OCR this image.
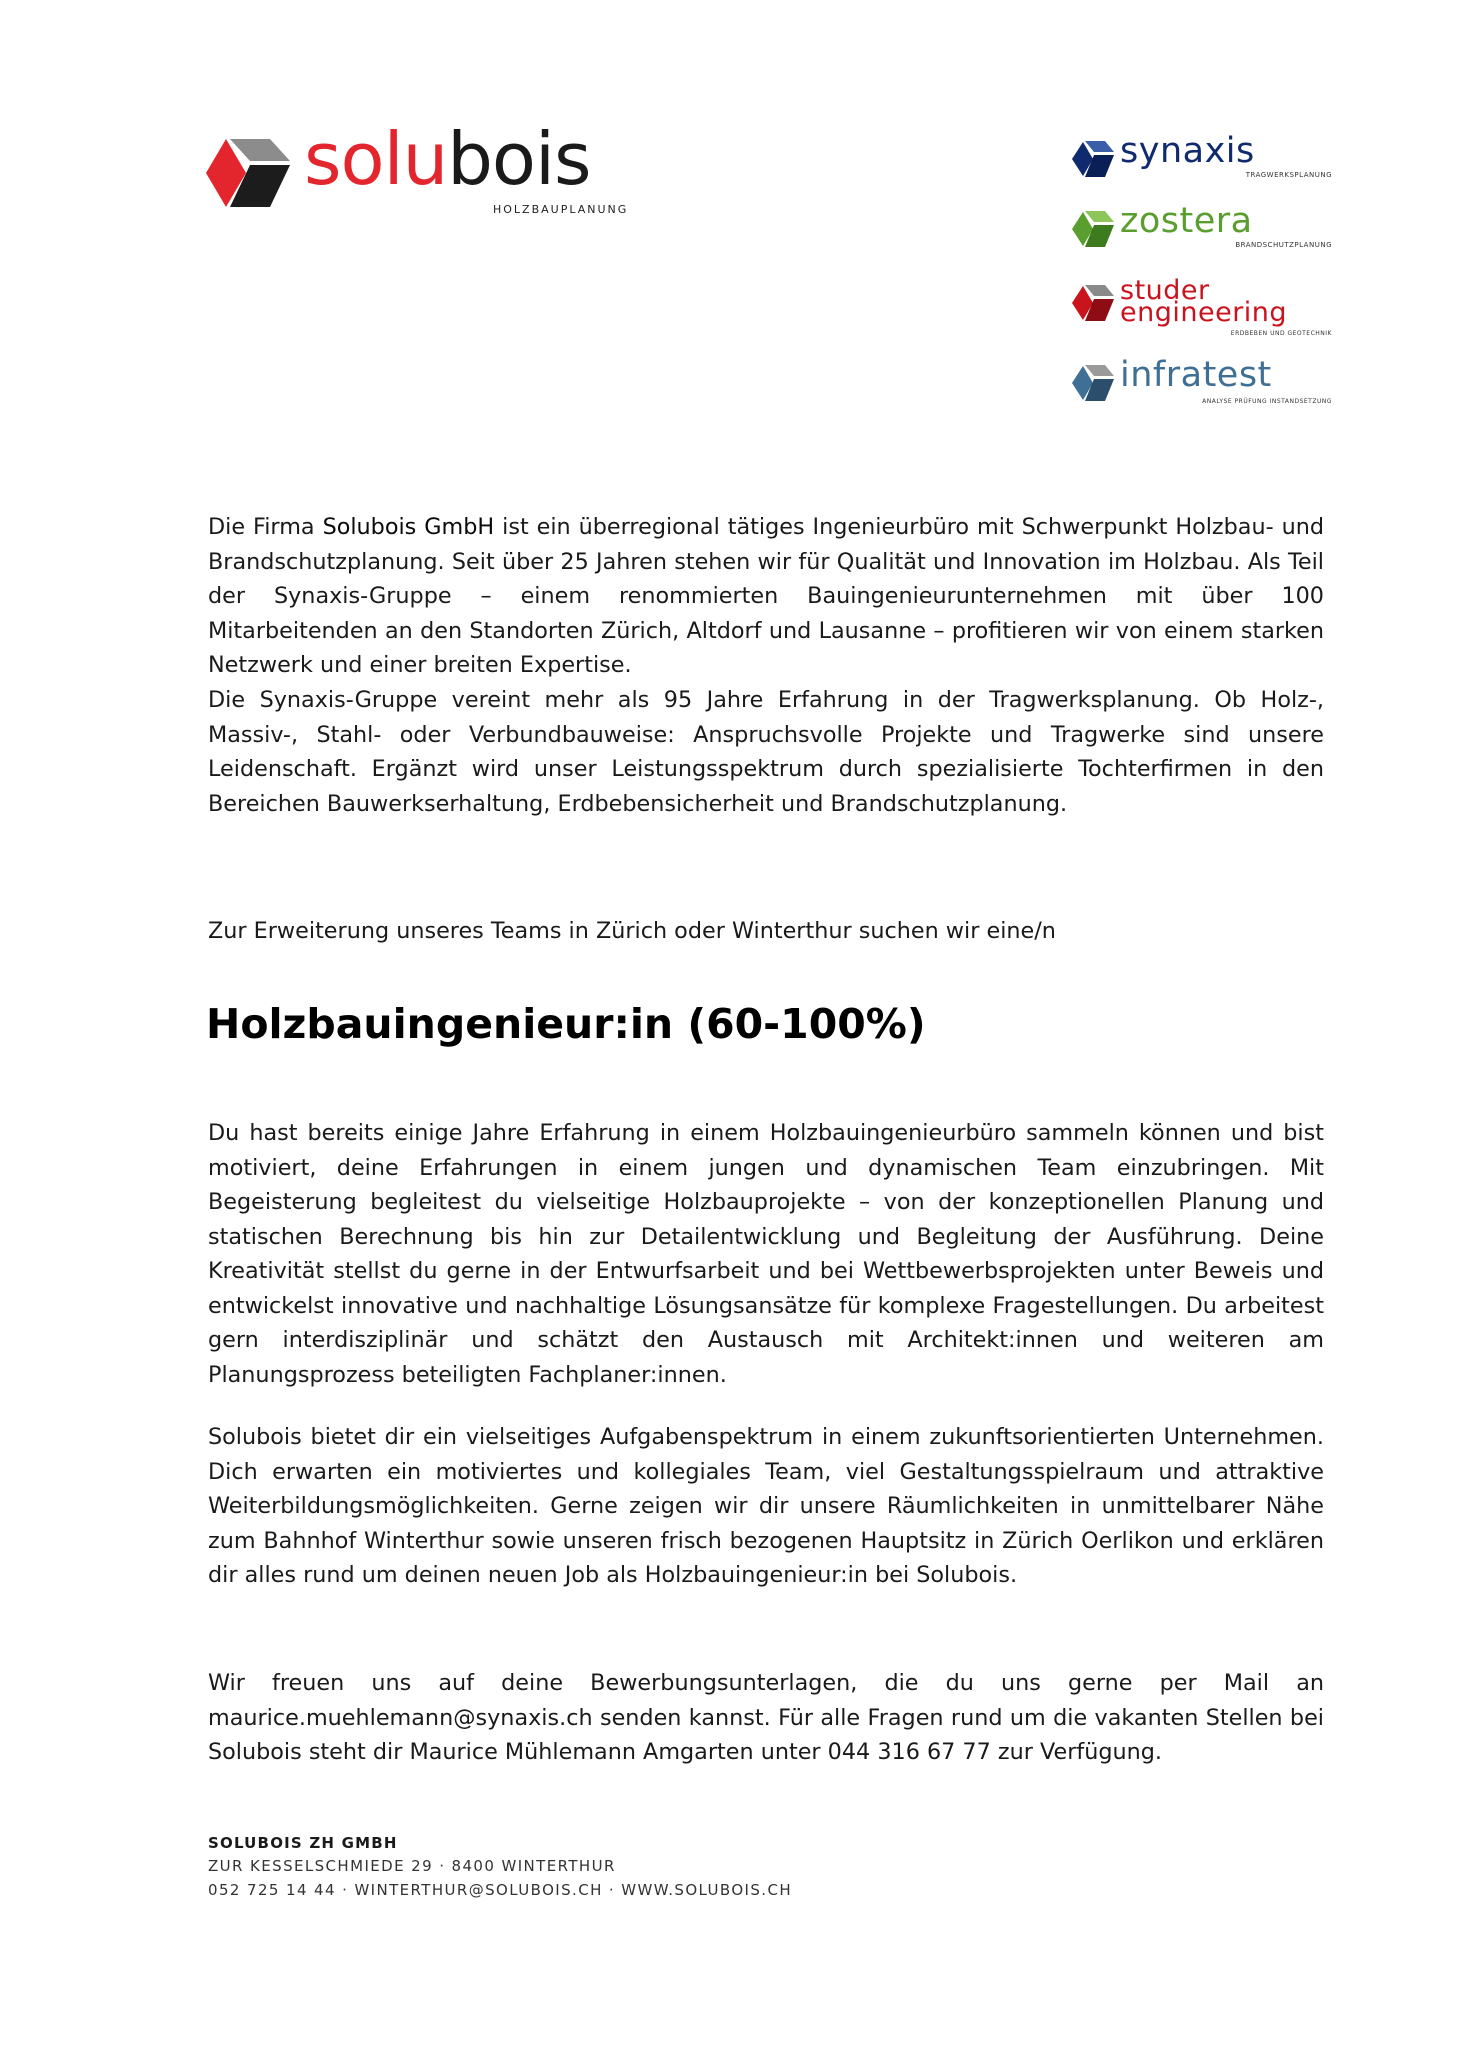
solubois
HOLZBAUPLANUNG
synaxis
TRAGWERKSPLANUNG
zostera
BRANDSCHUTZPLANUNG
studer
engineering
ERDBEBEN UND GEOTECHNIK
infratest
ANALYSE PRÜFUNG INSTANDSETZUNG
Die Firma Solubois GmbH ist ein überregional tätiges Ingenieurbüro mit Schwerpunkt Holzbau- und Brandschutzplanung. Seit über 25 Jahren stehen wir für Qualität und Innovation im Holzbau. Als Teil der Synaxis-Gruppe – einem renommierten Bauingenieurunternehmen mit über 100 Mitarbeitenden an den Standorten Zürich, Altdorf und Lausanne – profitieren wir von einem starken Netzwerk und einer breiten Expertise.
Die Synaxis-Gruppe vereint mehr als 95 Jahre Erfahrung in der Tragwerksplanung. Ob Holz-, Massiv-, Stahl- oder Verbundbauweise: Anspruchsvolle Projekte und Tragwerke sind unsere Leidenschaft. Ergänzt wird unser Leistungsspektrum durch spezialisierte Tochterfirmen in den Bereichen Bauwerkserhaltung, Erdbebensicherheit und Brandschutzplanung.
Zur Erweiterung unseres Teams in Zürich oder Winterthur suchen wir eine/n
Holzbauingenieur:in (60-100%)
Du hast bereits einige Jahre Erfahrung in einem Holzbauingenieurbüro sammeln können und bist motiviert, deine Erfahrungen in einem jungen und dynamischen Team einzubringen. Mit Begeisterung begleitest du vielseitige Holzbauprojekte – von der konzeptionellen Planung und statischen Berechnung bis hin zur Detailentwicklung und Begleitung der Ausführung. Deine Kreativität stellst du gerne in der Entwurfsarbeit und bei Wettbewerbsprojekten unter Beweis und entwickelst innovative und nachhaltige Lösungsansätze für komplexe Fragestellungen. Du arbeitest gern interdisziplinär und schätzt den Austausch mit Architekt:innen und weiteren am Planungsprozess beteiligten Fachplaner:innen.
Solubois bietet dir ein vielseitiges Aufgabenspektrum in einem zukunftsorientierten Unternehmen. Dich erwarten ein motiviertes und kollegiales Team, viel Gestaltungsspielraum und attraktive Weiterbildungsmöglichkeiten. Gerne zeigen wir dir unsere Räumlichkeiten in unmittelbarer Nähe zum Bahnhof Winterthur sowie unseren frisch bezogenen Hauptsitz in Zürich Oerlikon und erklären dir alles rund um deinen neuen Job als Holzbauingenieur:in bei Solubois.
Wir freuen uns auf deine Bewerbungsunterlagen, die du uns gerne per Mail an maurice.muehlemann@synaxis.ch senden kannst. Für alle Fragen rund um die vakanten Stellen bei Solubois steht dir Maurice Mühlemann Amgarten unter 044 316 67 77 zur Verfügung.
SOLUBOIS ZH GMBH
ZUR KESSELSCHMIEDE 29 · 8400 WINTERTHUR
052 725 14 44 · WINTERTHUR@SOLUBOIS.CH · WWW.SOLUBOIS.CH
